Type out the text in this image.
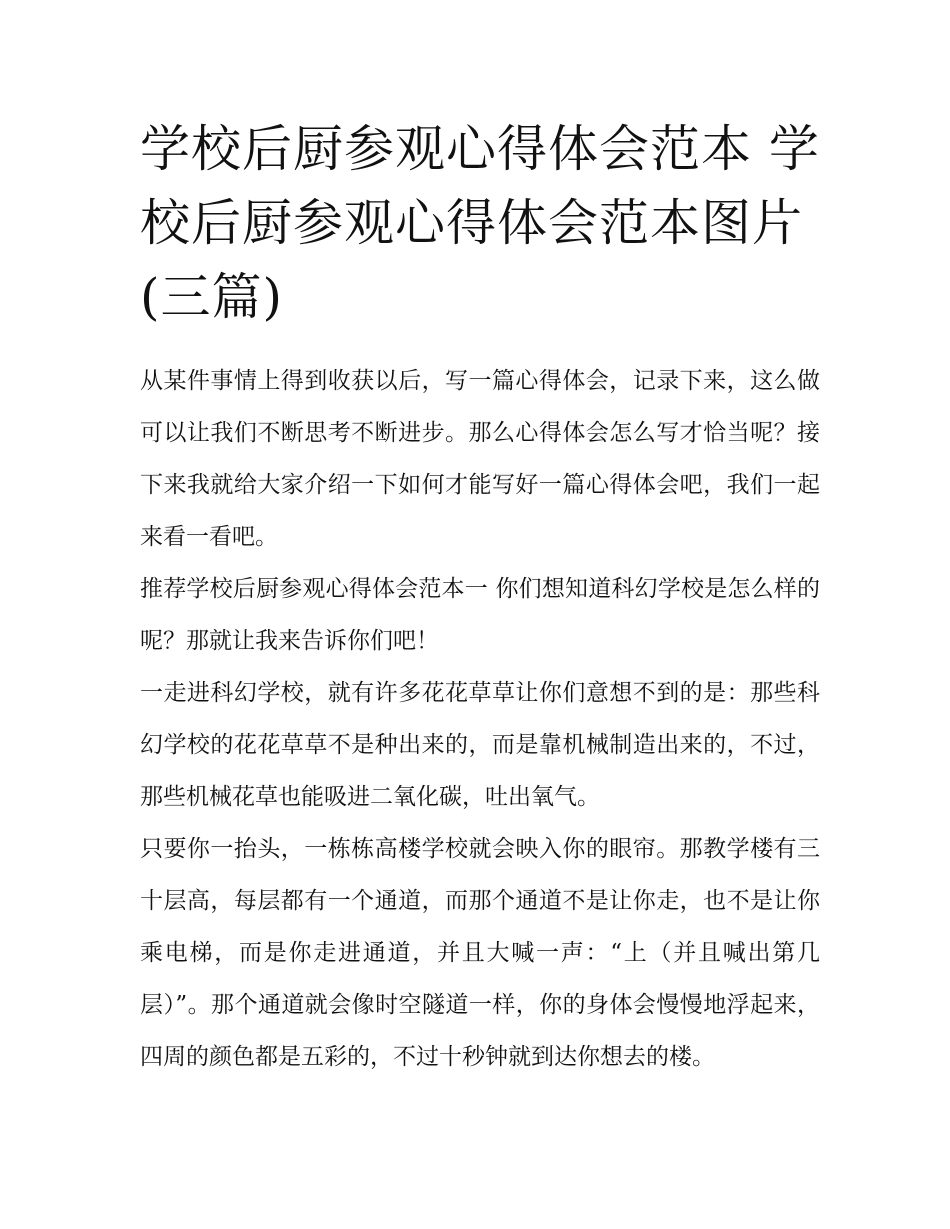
学校后厨参观心得体会范本 学校后厨参观心得体会范本图片(三篇)

从某件事情上得到收获以后，写一篇心得体会，记录下来，这么做可以让我们不断思考不断进步。那么心得体会怎么写才恰当呢？接下来我就给大家介绍一下如何才能写好一篇心得体会吧，我们一起来看一看吧。

推荐学校后厨参观心得体会范本一 你们想知道科幻学校是怎么样的呢？那就让我来告诉你们吧！

一走进科幻学校，就有许多花花草草让你们意想不到的是：那些科幻学校的花花草草不是种出来的，而是靠机械制造出来的，不过，那些机械花草也能吸进二氧化碳，吐出氧气。

只要你一抬头，一栋栋高楼学校就会映入你的眼帘。那教学楼有三十层高，每层都有一个通道，而那个通道不是让你走，也不是让你乘电梯，而是你走进通道，并且大喊一声：“上（并且喊出第几层）”。那个通道就会像时空隧道一样，你的身体会慢慢地浮起来，四周的颜色都是五彩的，不过十秒钟就到达你想去的楼。
